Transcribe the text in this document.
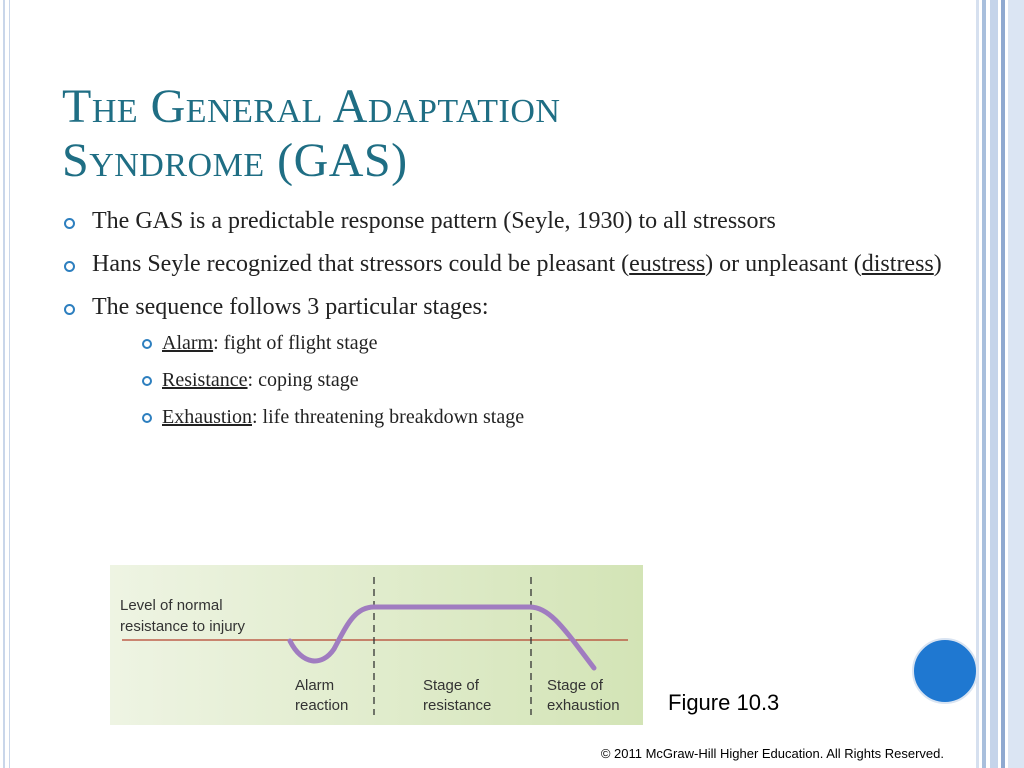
The General Adaptation
Syndrome (GAS)
The GAS is a predictable response pattern (Seyle, 1930) to all stressors
Hans Seyle recognized that stressors could be pleasant (eustress) or unpleasant (distress)
The sequence follows 3 particular stages:
Alarm: fight of flight stage
Resistance: coping stage
Exhaustion: life threatening breakdown stage
Level of normal
resistance to injury
Alarm
reaction
Stage of
resistance
Stage of
exhaustion Figure 10.3
© 2011 McGraw-Hill Higher Education. All Rights Reserved.
